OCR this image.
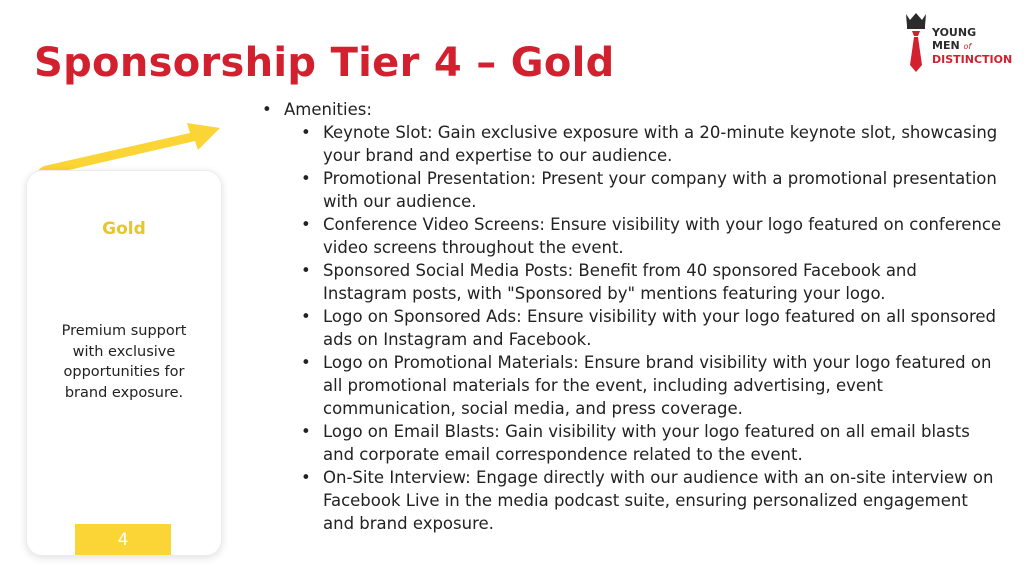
Sponsorship Tier 4 – Gold
YOUNG
MEN of
DISTINCTION
Gold
Premium support with exclusive opportunities for brand exposure.
4
• Amenities:
• Keynote Slot: Gain exclusive exposure with a 20-minute keynote slot, showcasing your brand and expertise to our audience.
• Promotional Presentation: Present your company with a promotional presentation with our audience.
• Conference Video Screens: Ensure visibility with your logo featured on conference video screens throughout the event.
• Sponsored Social Media Posts: Benefit from 40 sponsored Facebook and Instagram posts, with "Sponsored by" mentions featuring your logo.
• Logo on Sponsored Ads: Ensure visibility with your logo featured on all sponsored ads on Instagram and Facebook.
• Logo on Promotional Materials: Ensure brand visibility with your logo featured on all promotional materials for the event, including advertising, event communication, social media, and press coverage.
• Logo on Email Blasts: Gain visibility with your logo featured on all email blasts and corporate email correspondence related to the event.
• On-Site Interview: Engage directly with our audience with an on-site interview on Facebook Live in the media podcast suite, ensuring personalized engagement and brand exposure.
